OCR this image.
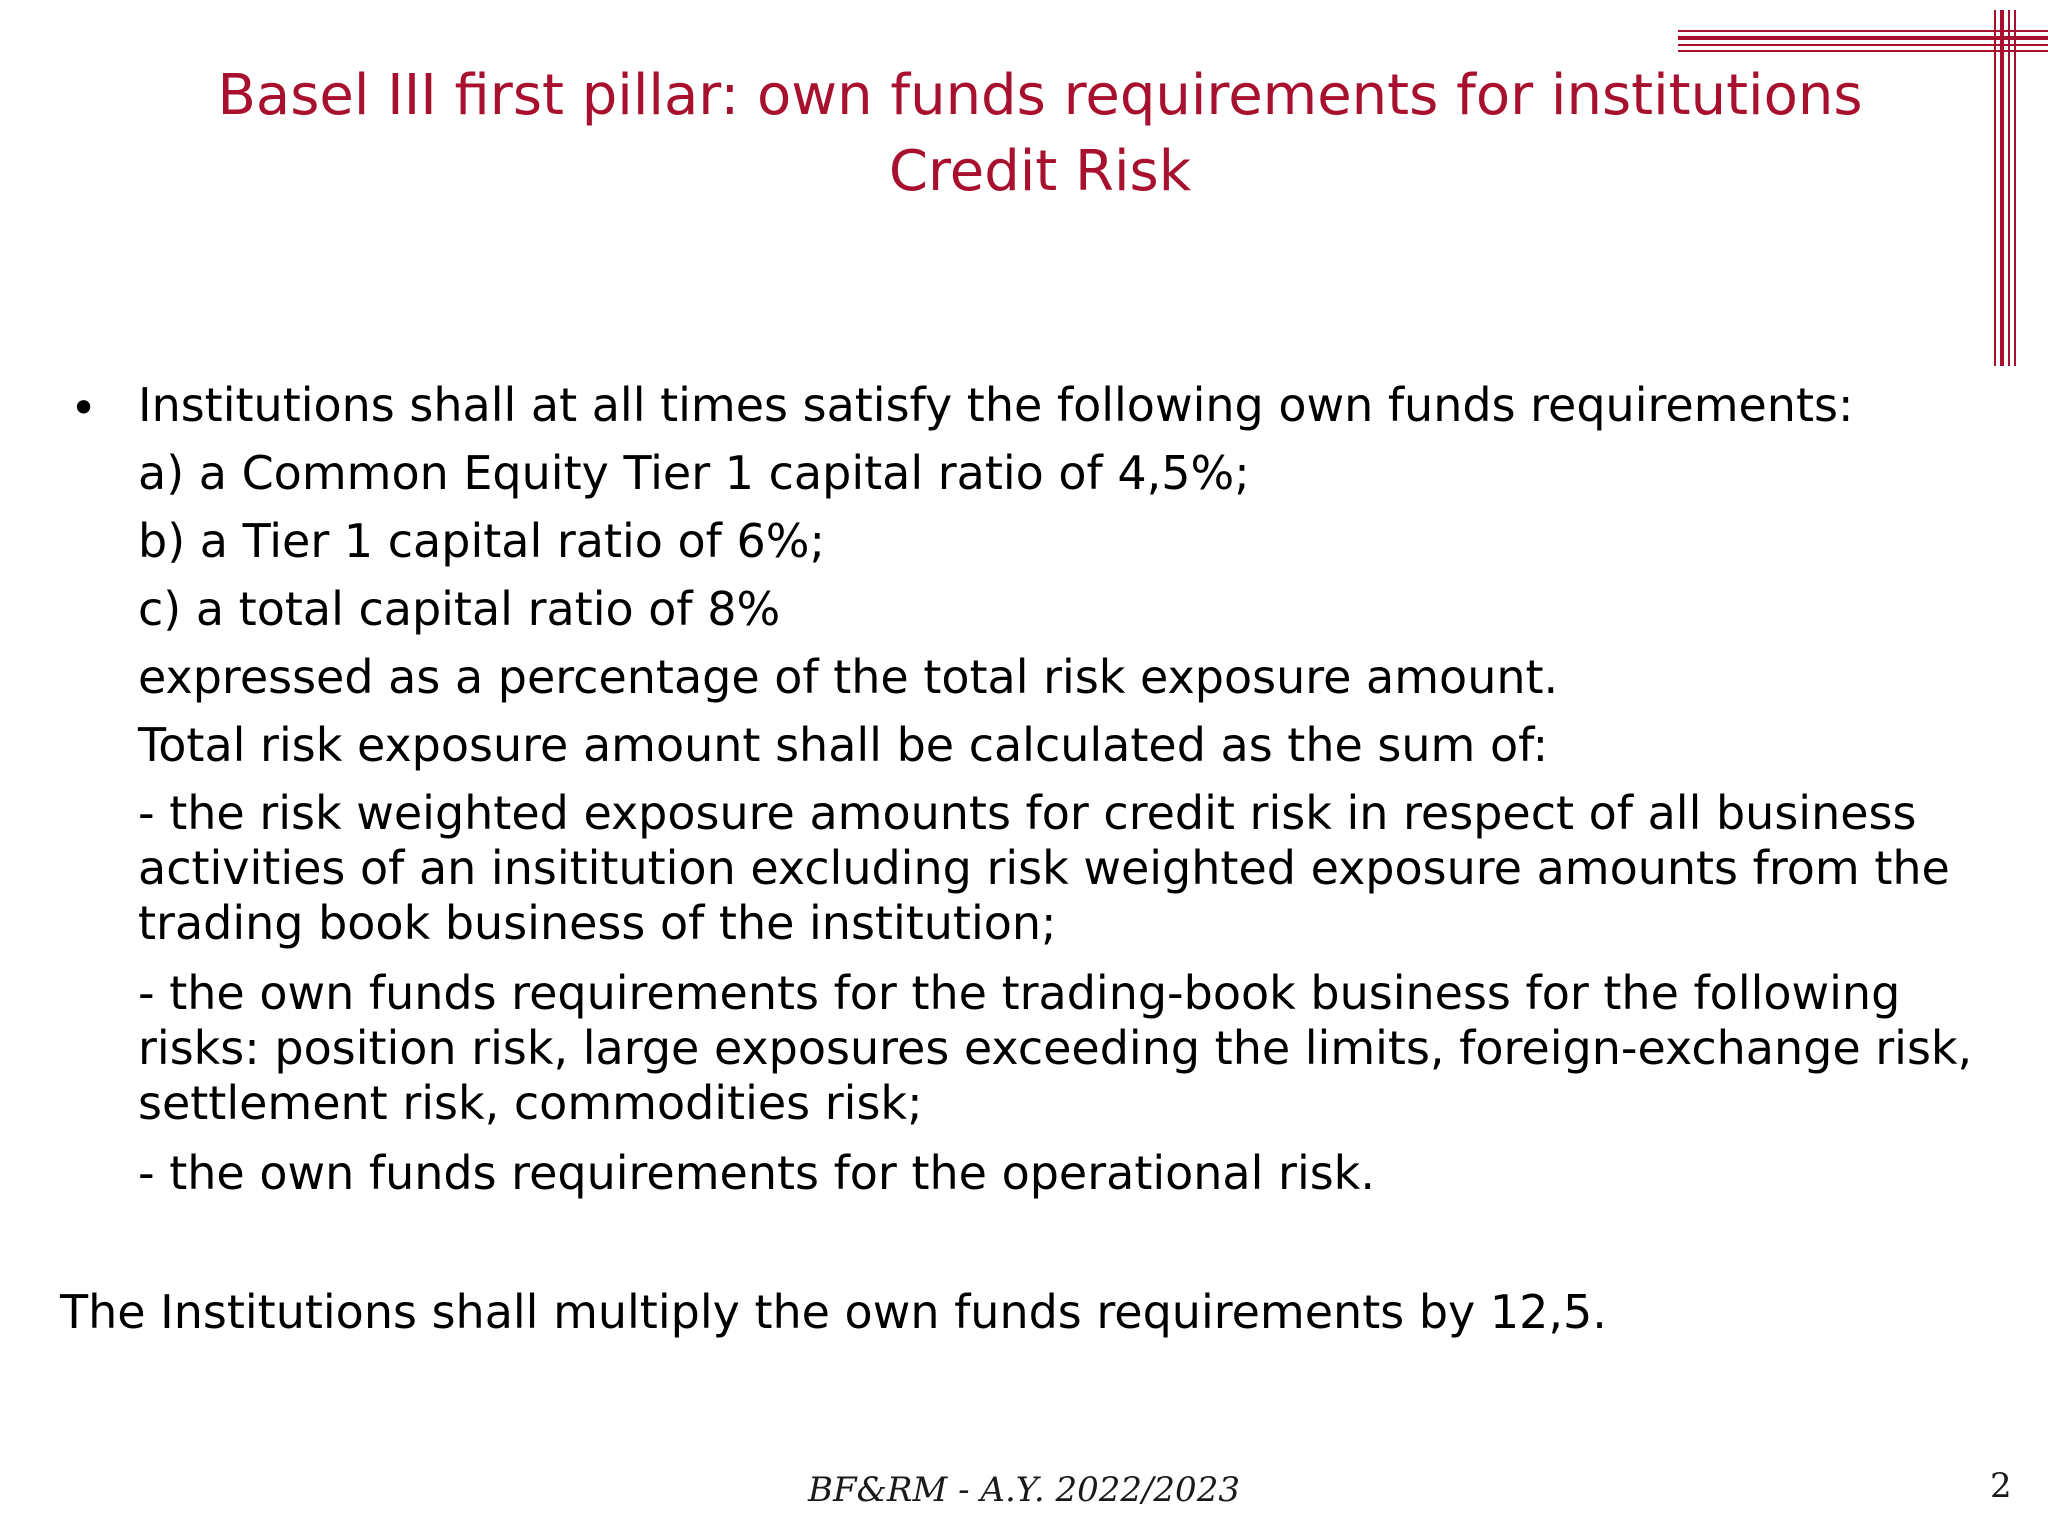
Basel III first pillar: own funds requirements for institutions
Credit Risk
• Institutions shall at all times satisfy the following own funds requirements:

a) a Common Equity Tier 1 capital ratio of 4,5%;

b) a Tier 1 capital ratio of 6%;

c) a total capital ratio of 8%

expressed as a percentage of the total risk exposure amount.

Total risk exposure amount shall be calculated as the sum of:

- the risk weighted exposure amounts for credit risk in respect of all business activities of an insititution excluding risk weighted exposure amounts from the trading book business of the institution;

- the own funds requirements for the trading-book business for the following risks: position risk, large exposures exceeding the limits, foreign-exchange risk, settlement risk, commodities risk;

- the own funds requirements for the operational risk.

The Institutions shall multiply the own funds requirements by 12,5.

BF&RM - A.Y. 2022/2023	2
